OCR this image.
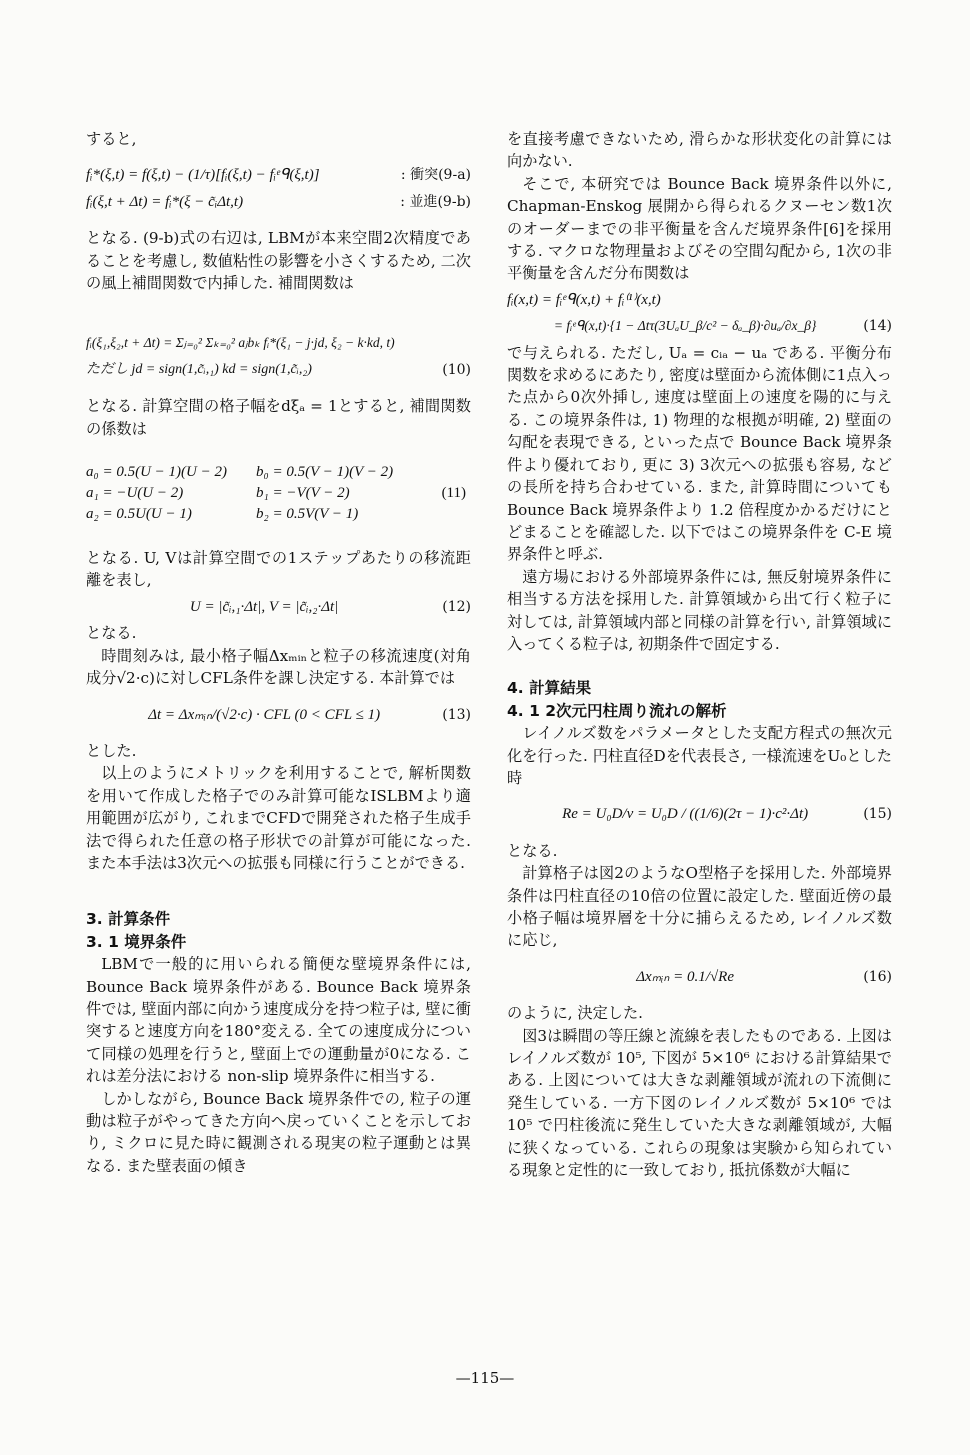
すると,

fᵢ*(ξ,t) = f(ξ,t) − (1/τ)[fᵢ(ξ,t) − fᵢᵉᑫ(ξ,t)]	: 衝突(9-a)
fᵢ(ξ,t + Δt) = fᵢ*(ξ − c̃ᵢΔt,t)	: 並進(9-b)

となる. (9-b)式の右辺は, LBMが本来空間2次精度であることを考慮し, 数値粘性の影響を小さくするため, 二次の風上補間関数で内挿した. 補間関数は

fᵢ(ξ₁,ξ₂,t + Δt) = Σⱼ₌₀² Σₖ₌₀² aⱼbₖ fᵢ*(ξ₁ − j·jd, ξ₂ − k·kd, t)
ただし jd = sign(1,c̃ᵢ,₁) kd = sign(1,c̃ᵢ,₂)	(10)

となる. 計算空間の格子幅をdξₐ = 1とすると, 補間関数の係数は

a₀ = 0.5(U − 1)(U − 2)	b₀ = 0.5(V − 1)(V − 2)
a₁ = −U(U − 2)	b₁ = −V(V − 2)	(11)
a₂ = 0.5U(U − 1)	b₂ = 0.5V(V − 1)

となる. U, Vは計算空間での1ステップあたりの移流距離を表し,

U = |c̃ᵢ,₁·Δt|, V = |c̃ᵢ,₂·Δt|	(12)

となる.

時間刻みは, 最小格子幅Δxₘᵢₙと粒子の移流速度(対角成分√2·c)に対しCFL条件を課し決定する. 本計算では

Δt = Δxₘᵢₙ/(√2·c) · CFL (0 < CFL ≤ 1)	(13)

とした.

以上のようにメトリックを利用することで, 解析関数を用いて作成した格子でのみ計算可能なISLBMより適用範囲が広がり, これまでCFDで開発された格子生成手法で得られた任意の格子形状での計算が可能になった. また本手法は3次元への拡張も同様に行うことができる.

3. 計算条件

3. 1 境界条件

LBMで一般的に用いられる簡便な壁境界条件には, Bounce Back 境界条件がある. Bounce Back 境界条件では, 壁面内部に向かう速度成分を持つ粒子は, 壁に衝突すると速度方向を180°変える. 全ての速度成分について同様の処理を行うと, 壁面上での運動量が0になる. これは差分法における non-slip 境界条件に相当する.

しかしながら, Bounce Back 境界条件での, 粒子の運動は粒子がやってきた方向へ戻っていくことを示しており, ミクロに見た時に観測される現実の粒子運動とは異なる. また壁表面の傾き

を直接考慮できないため, 滑らかな形状変化の計算には向かない.

そこで, 本研究では Bounce Back 境界条件以外に, Chapman-Enskog 展開から得られるクヌーセン数1次のオーダーまでの非平衡量を含んだ境界条件[6]を採用する. マクロな物理量およびその空間勾配から, 1次の非平衡量を含んだ分布関数は

fᵢ(x,t) = fᵢᵉᑫ(x,t) + fᵢ⁽¹⁾(x,t)
= fᵢᵉᑫ(x,t)·{1 − Δtτ(3UₐU_β/c² − δₐ_β)·∂uₐ/∂x_β}	(14)

で与えられる. ただし, Uₐ = cᵢₐ − uₐ である. 平衡分布関数を求めるにあたり, 密度は壁面から流体側に1点入った点から0次外挿し, 速度は壁面上の速度を陽的に与える. この境界条件は, 1) 物理的な根拠が明確, 2) 壁面の勾配を表現できる, といった点で Bounce Back 境界条件より優れており, 更に 3) 3次元への拡張も容易, などの長所を持ち合わせている. また, 計算時間についても Bounce Back 境界条件より 1.2 倍程度かかるだけにとどまることを確認した. 以下ではこの境界条件を C-E 境界条件と呼ぶ.

遠方場における外部境界条件には, 無反射境界条件に相当する方法を採用した. 計算領域から出て行く粒子に対しては, 計算領域内部と同様の計算を行い, 計算領域に入ってくる粒子は, 初期条件で固定する.

4. 計算結果

4. 1 2次元円柱周り流れの解析

レイノルズ数をパラメータとした支配方程式の無次元化を行った. 円柱直径Dを代表長さ, 一様流速をU₀とした時

Re = U₀D/ν = U₀D / ((1/6)(2τ − 1)·c²·Δt)	(15)

となる.

計算格子は図2のようなO型格子を採用した. 外部境界条件は円柱直径の10倍の位置に設定した. 壁面近傍の最小格子幅は境界層を十分に捕らえるため, レイノルズ数に応じ,

Δxₘᵢₙ = 0.1/√Re	(16)

のように, 決定した.

図3は瞬間の等圧線と流線を表したものである. 上図はレイノルズ数が 10⁵, 下図が 5×10⁶ における計算結果である. 上図については大きな剥離領域が流れの下流側に発生している. 一方下図のレイノルズ数が 5×10⁶ では 10⁵ で円柱後流に発生していた大きな剥離領域が, 大幅に狭くなっている. これらの現象は実験から知られている現象と定性的に一致しており, 抵抗係数が大幅に

—115—
